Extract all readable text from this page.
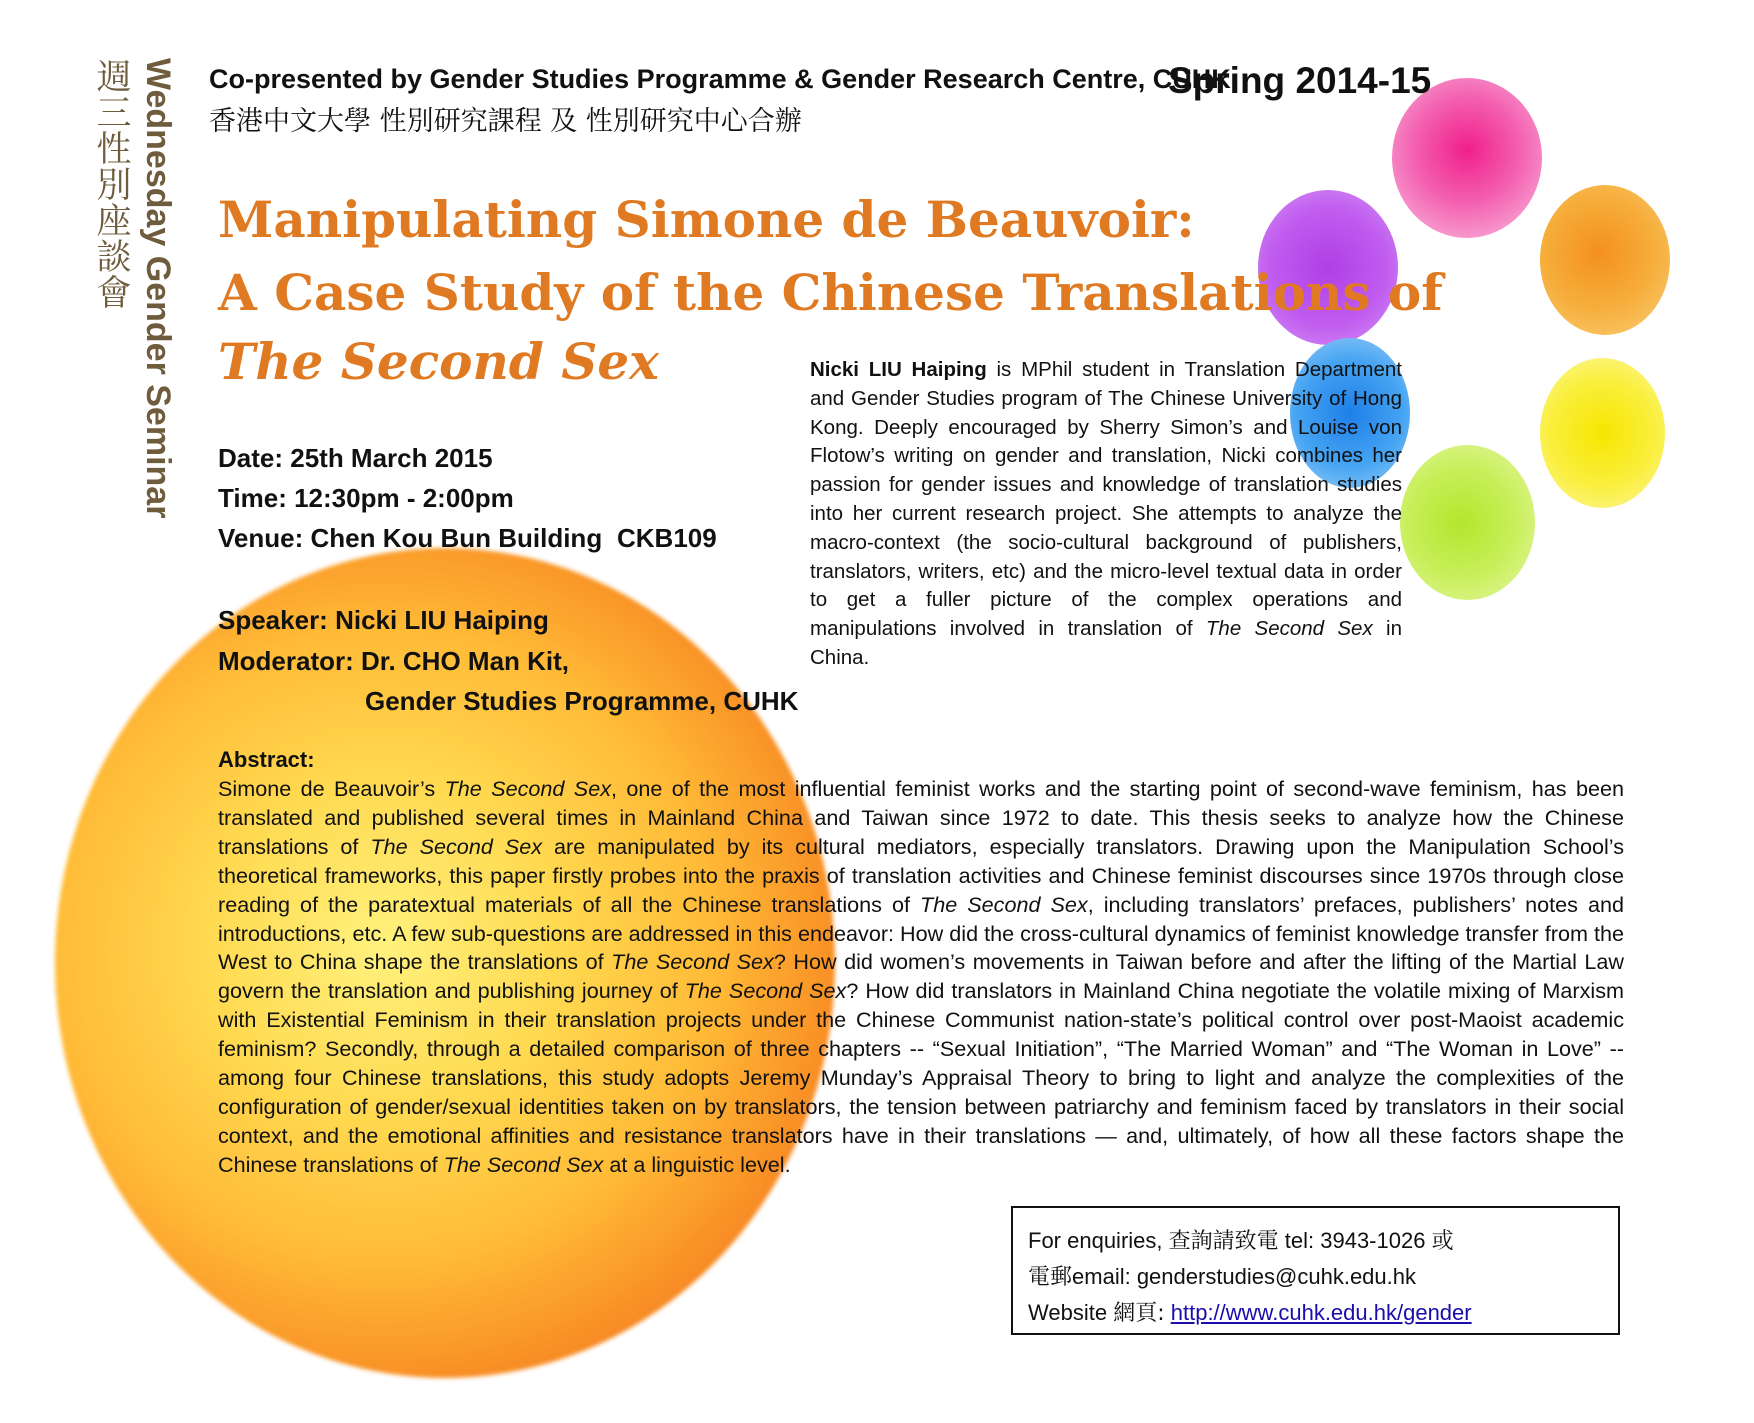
週三性別座談會 Wednesday Gender Seminar Co-presented by Gender Studies Programme & Gender Research Centre, CUHK
香港中文大學 性別研究課程 及 性別研究中心合辦
Spring 2014-15
Manipulating Simone de Beauvoir:
A Case Study of the Chinese Translations of
The Second Sex
Date: 25th March 2015
Time: 12:30pm - 2:00pm
Venue: Chen Kou Bun Building CKB109
Speaker: Nicki LIU Haiping
Moderator: Dr. CHO Man Kit,
Gender Studies Programme, CUHK
Nicki LIU Haiping is MPhil student in Translation Department and Gender Studies program of The Chinese University of Hong Kong. Deeply encouraged by Sherry Simon’s and Louise von Flotow’s writing on gender and translation, Nicki combines her passion for gender issues and knowledge of translation studies into her current research project. She attempts to analyze the macro-context (the socio-cultural background of publishers, translators, writers, etc) and the micro-level textual data in order to get a fuller picture of the complex operations and manipulations involved in translation of The Second Sex in China.
Abstract:
Simone de Beauvoir’s The Second Sex, one of the most influential feminist works and the starting point of second-wave feminism, has been translated and published several times in Mainland China and Taiwan since 1972 to date. This thesis seeks to analyze how the Chinese translations of The Second Sex are manipulated by its cultural mediators, especially translators. Drawing upon the Manipulation School’s theoretical frameworks, this paper firstly probes into the praxis of translation activities and Chinese feminist discourses since 1970s through close reading of the paratextual materials of all the Chinese translations of The Second Sex, including translators’ prefaces, publishers’ notes and introductions, etc. A few sub-questions are addressed in this endeavor: How did the cross-cultural dynamics of feminist knowledge transfer from the West to China shape the translations of The Second Sex? How did women’s movements in Taiwan before and after the lifting of the Martial Law govern the translation and publishing journey of The Second Sex? How did translators in Mainland China negotiate the volatile mixing of Marxism with Existential Feminism in their translation projects under the Chinese Communist nation-state’s political control over post-Maoist academic feminism? Secondly, through a detailed comparison of three chapters -- “Sexual Initiation”, “The Married Woman” and “The Woman in Love” -- among four Chinese translations, this study adopts Jeremy Munday’s Appraisal Theory to bring to light and analyze the complexities of the configuration of gender/sexual identities taken on by translators, the tension between patriarchy and feminism faced by translators in their social context, and the emotional affinities and resistance translators have in their translations — and, ultimately, of how all these factors shape the Chinese translations of The Second Sex at a linguistic level.
For enquiries, 查詢請致電 tel: 3943-1026 或
電郵email: genderstudies@cuhk.edu.hk
Website 網頁: http://www.cuhk.edu.hk/gender
